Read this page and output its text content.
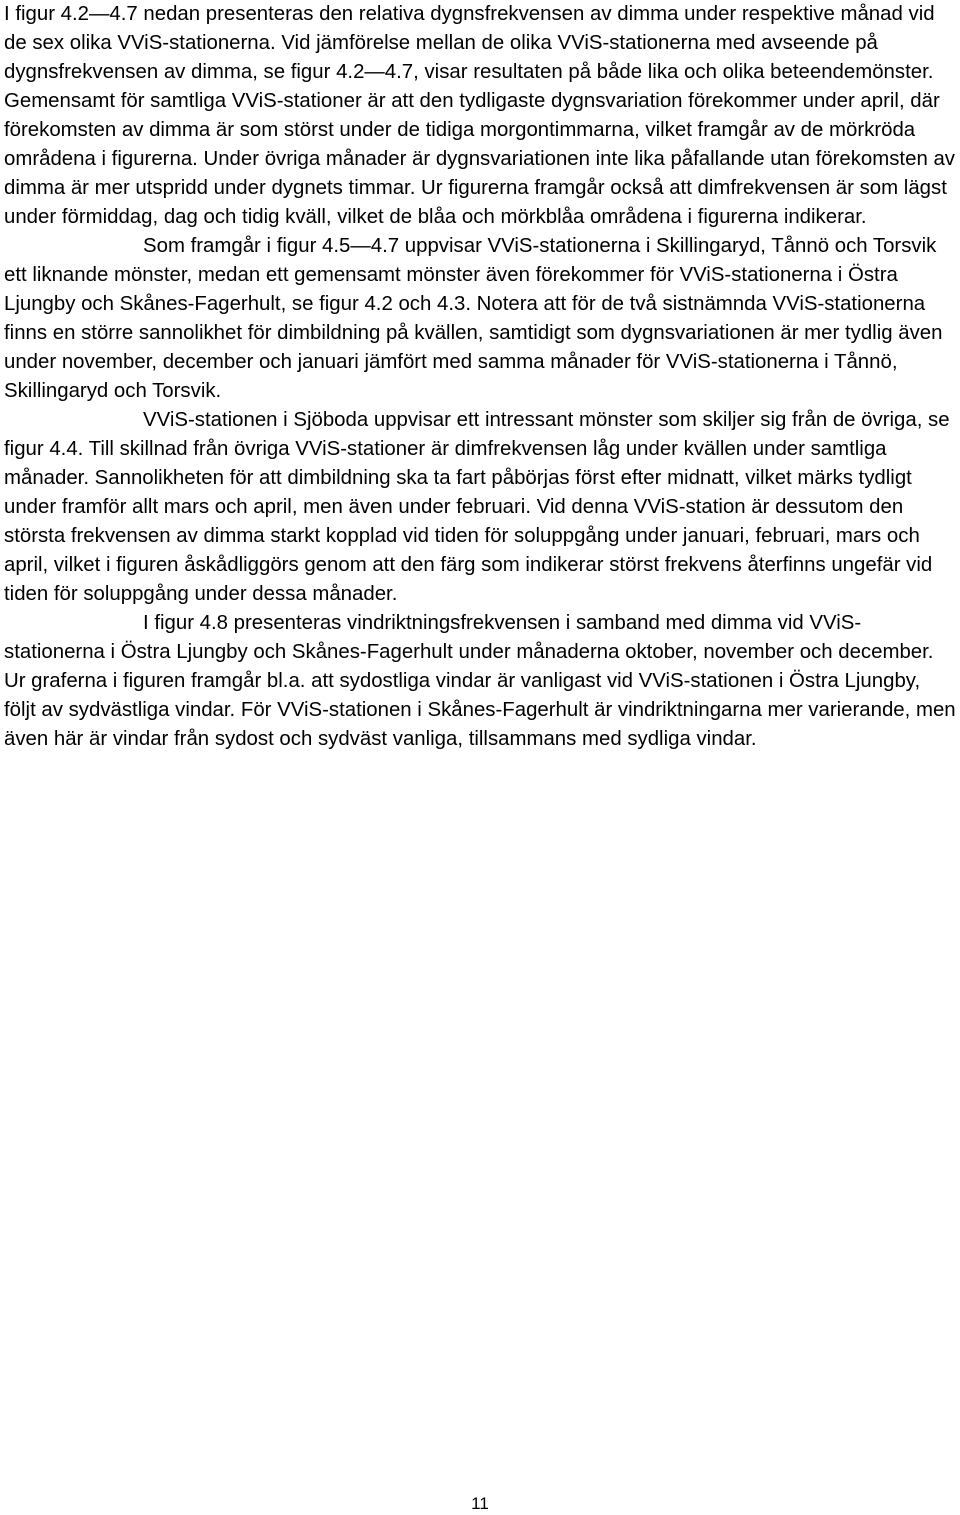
I figur 4.2—4.7 nedan presenteras den relativa dygnsfrekvensen av dimma under respektive månad vid de sex olika VViS-stationerna. Vid jämförelse mellan de olika VViS-stationerna med avseende på dygnsfrekvensen av dimma, se figur 4.2—4.7, visar resultaten på både lika och olika beteendemönster. Gemensamt för samtliga VViS-stationer är att den tydligaste dygnsvariation förekommer under april, där förekomsten av dimma är som störst under de tidiga morgontimmarna, vilket framgår av de mörkröda områdena i figurerna. Under övriga månader är dygnsvariationen inte lika påfallande utan förekomsten av dimma är mer utspridd under dygnets timmar. Ur figurerna framgår också att dimfrekvensen är som lägst under förmiddag, dag och tidig kväll, vilket de blåa och mörkblåa områdena i figurerna indikerar.

Som framgår i figur 4.5—4.7 uppvisar VViS-stationerna i Skillingaryd, Tånnö och Torsvik ett liknande mönster, medan ett gemensamt mönster även förekommer för VViS-stationerna i Östra Ljungby och Skånes-Fagerhult, se figur 4.2 och 4.3. Notera att för de två sistnämnda VViS-stationerna finns en större sannolikhet för dimbildning på kvällen, samtidigt som dygnsvariationen är mer tydlig även under november, december och januari jämfört med samma månader för VViS-stationerna i Tånnö, Skillingaryd och Torsvik.

VViS-stationen i Sjöboda uppvisar ett intressant mönster som skiljer sig från de övriga, se figur 4.4. Till skillnad från övriga VViS-stationer är dimfrekvensen låg under kvällen under samtliga månader. Sannolikheten för att dimbildning ska ta fart påbörjas först efter midnatt, vilket märks tydligt under framför allt mars och april, men även under februari. Vid denna VViS-station är dessutom den största frekvensen av dimma starkt kopplad vid tiden för soluppgång under januari, februari, mars och april, vilket i figuren åskådliggörs genom att den färg som indikerar störst frekvens återfinns ungefär vid tiden för soluppgång under dessa månader.

I figur 4.8 presenteras vindriktningsfrekvensen i samband med dimma vid VViS-stationerna i Östra Ljungby och Skånes-Fagerhult under månaderna oktober, november och december. Ur graferna i figuren framgår bl.a. att sydostliga vindar är vanligast vid VViS-stationen i Östra Ljungby, följt av sydvästliga vindar. För VViS-stationen i Skånes-Fagerhult är vindriktningarna mer varierande, men även här är vindar från sydost och sydväst vanliga, tillsammans med sydliga vindar.

11
